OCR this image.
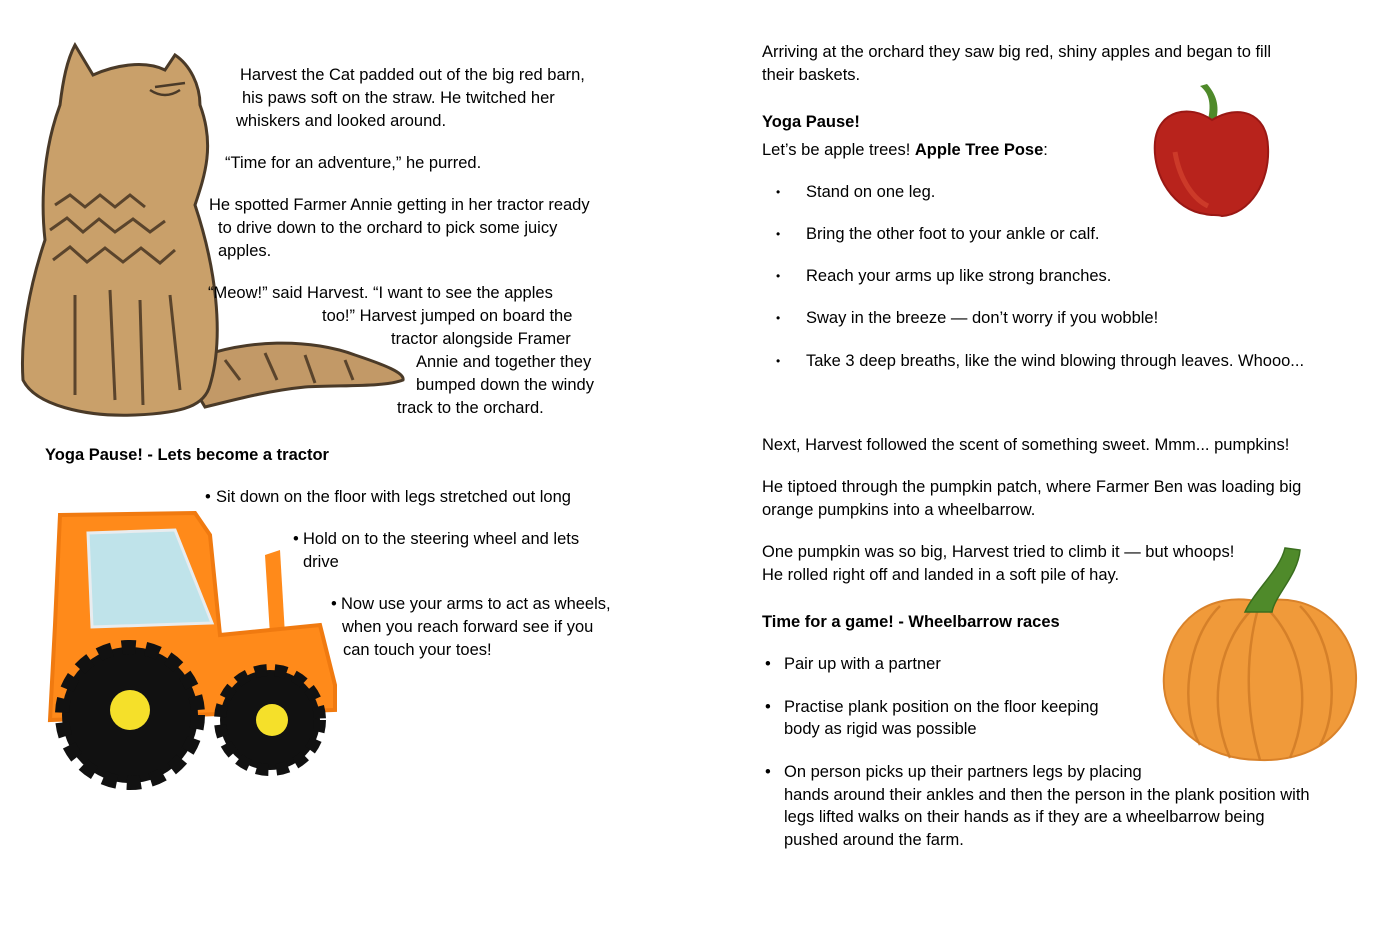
Harvest the Cat padded out of the big red barn,

his paws soft on the straw. He twitched her

whiskers and looked around.

“Time for an adventure,” he purred.

He spotted Farmer Annie getting in her tractor ready

to drive down to the orchard to pick some juicy

apples.

“Meow!” said Harvest. “I want to see the apples

too!” Harvest jumped on board the

tractor alongside Framer

Annie and together they

bumped down the windy

track to the orchard.

Yoga Pause! - Lets become a tractor

• Sit down on the floor with legs stretched out long

• Hold on to the steering wheel and lets

drive

• Now use your arms to act as wheels,

when you reach forward see if you

can touch your toes!

Arriving at the orchard they saw big red, shiny apples and began to fill

their baskets.

Yoga Pause!

Let’s be apple trees! Apple Tree Pose:

• Stand on one leg.

• Bring the other foot to your ankle or calf.

• Reach your arms up like strong branches.

• Sway in the breeze — don’t worry if you wobble!

• Take 3 deep breaths, like the wind blowing through leaves. Whooo...

Next, Harvest followed the scent of something sweet. Mmm... pumpkins!

He tiptoed through the pumpkin patch, where Farmer Ben was loading big

orange pumpkins into a wheelbarrow.

One pumpkin was so big, Harvest tried to climb it — but whoops!

He rolled right off and landed in a soft pile of hay.

Time for a game! - Wheelbarrow races

• Pair up with a partner

• Practise plank position on the floor keeping

body as rigid was possible

• On person picks up their partners legs by placing

hands around their ankles and then the person in the plank position with

legs lifted walks on their hands as if they are a wheelbarrow being

pushed around the farm.
